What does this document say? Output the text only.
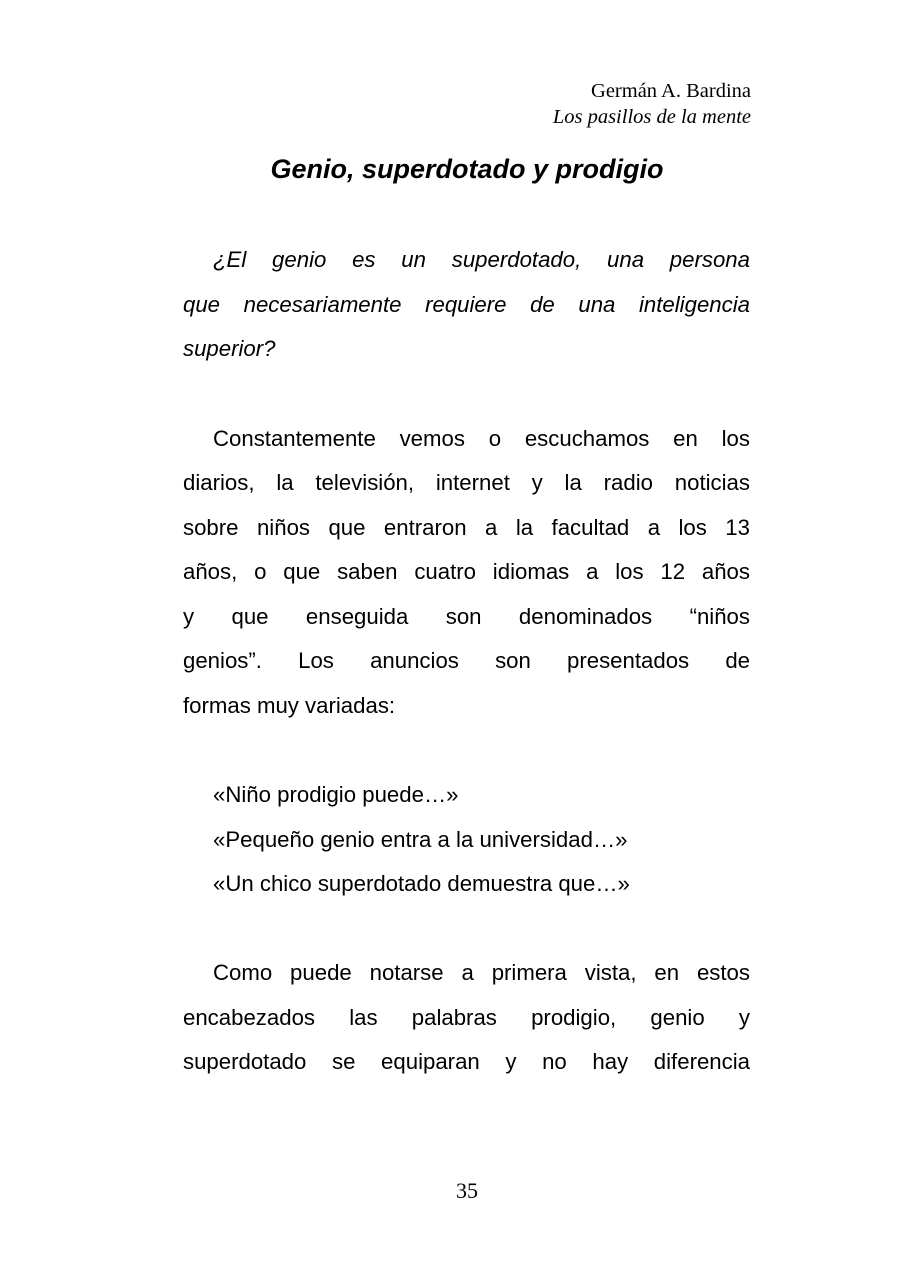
Germán A. Bardina
Los pasillos de la mente
Genio, superdotado y prodigio
¿El genio es un superdotado, una persona
que necesariamente requiere de una inteligencia
superior?
Constantemente vemos o escuchamos en los
diarios, la televisión, internet y la radio noticias
sobre niños que entraron a la facultad a los 13
años, o que saben cuatro idiomas a los 12 años
y que enseguida son denominados “niños
genios”. Los anuncios son presentados de
formas muy variadas:
«Niño prodigio puede…»
«Pequeño genio entra a la universidad…»
«Un chico superdotado demuestra que…»
Como puede notarse a primera vista, en estos
encabezados las palabras prodigio, genio y
superdotado se equiparan y no hay diferencia
35
